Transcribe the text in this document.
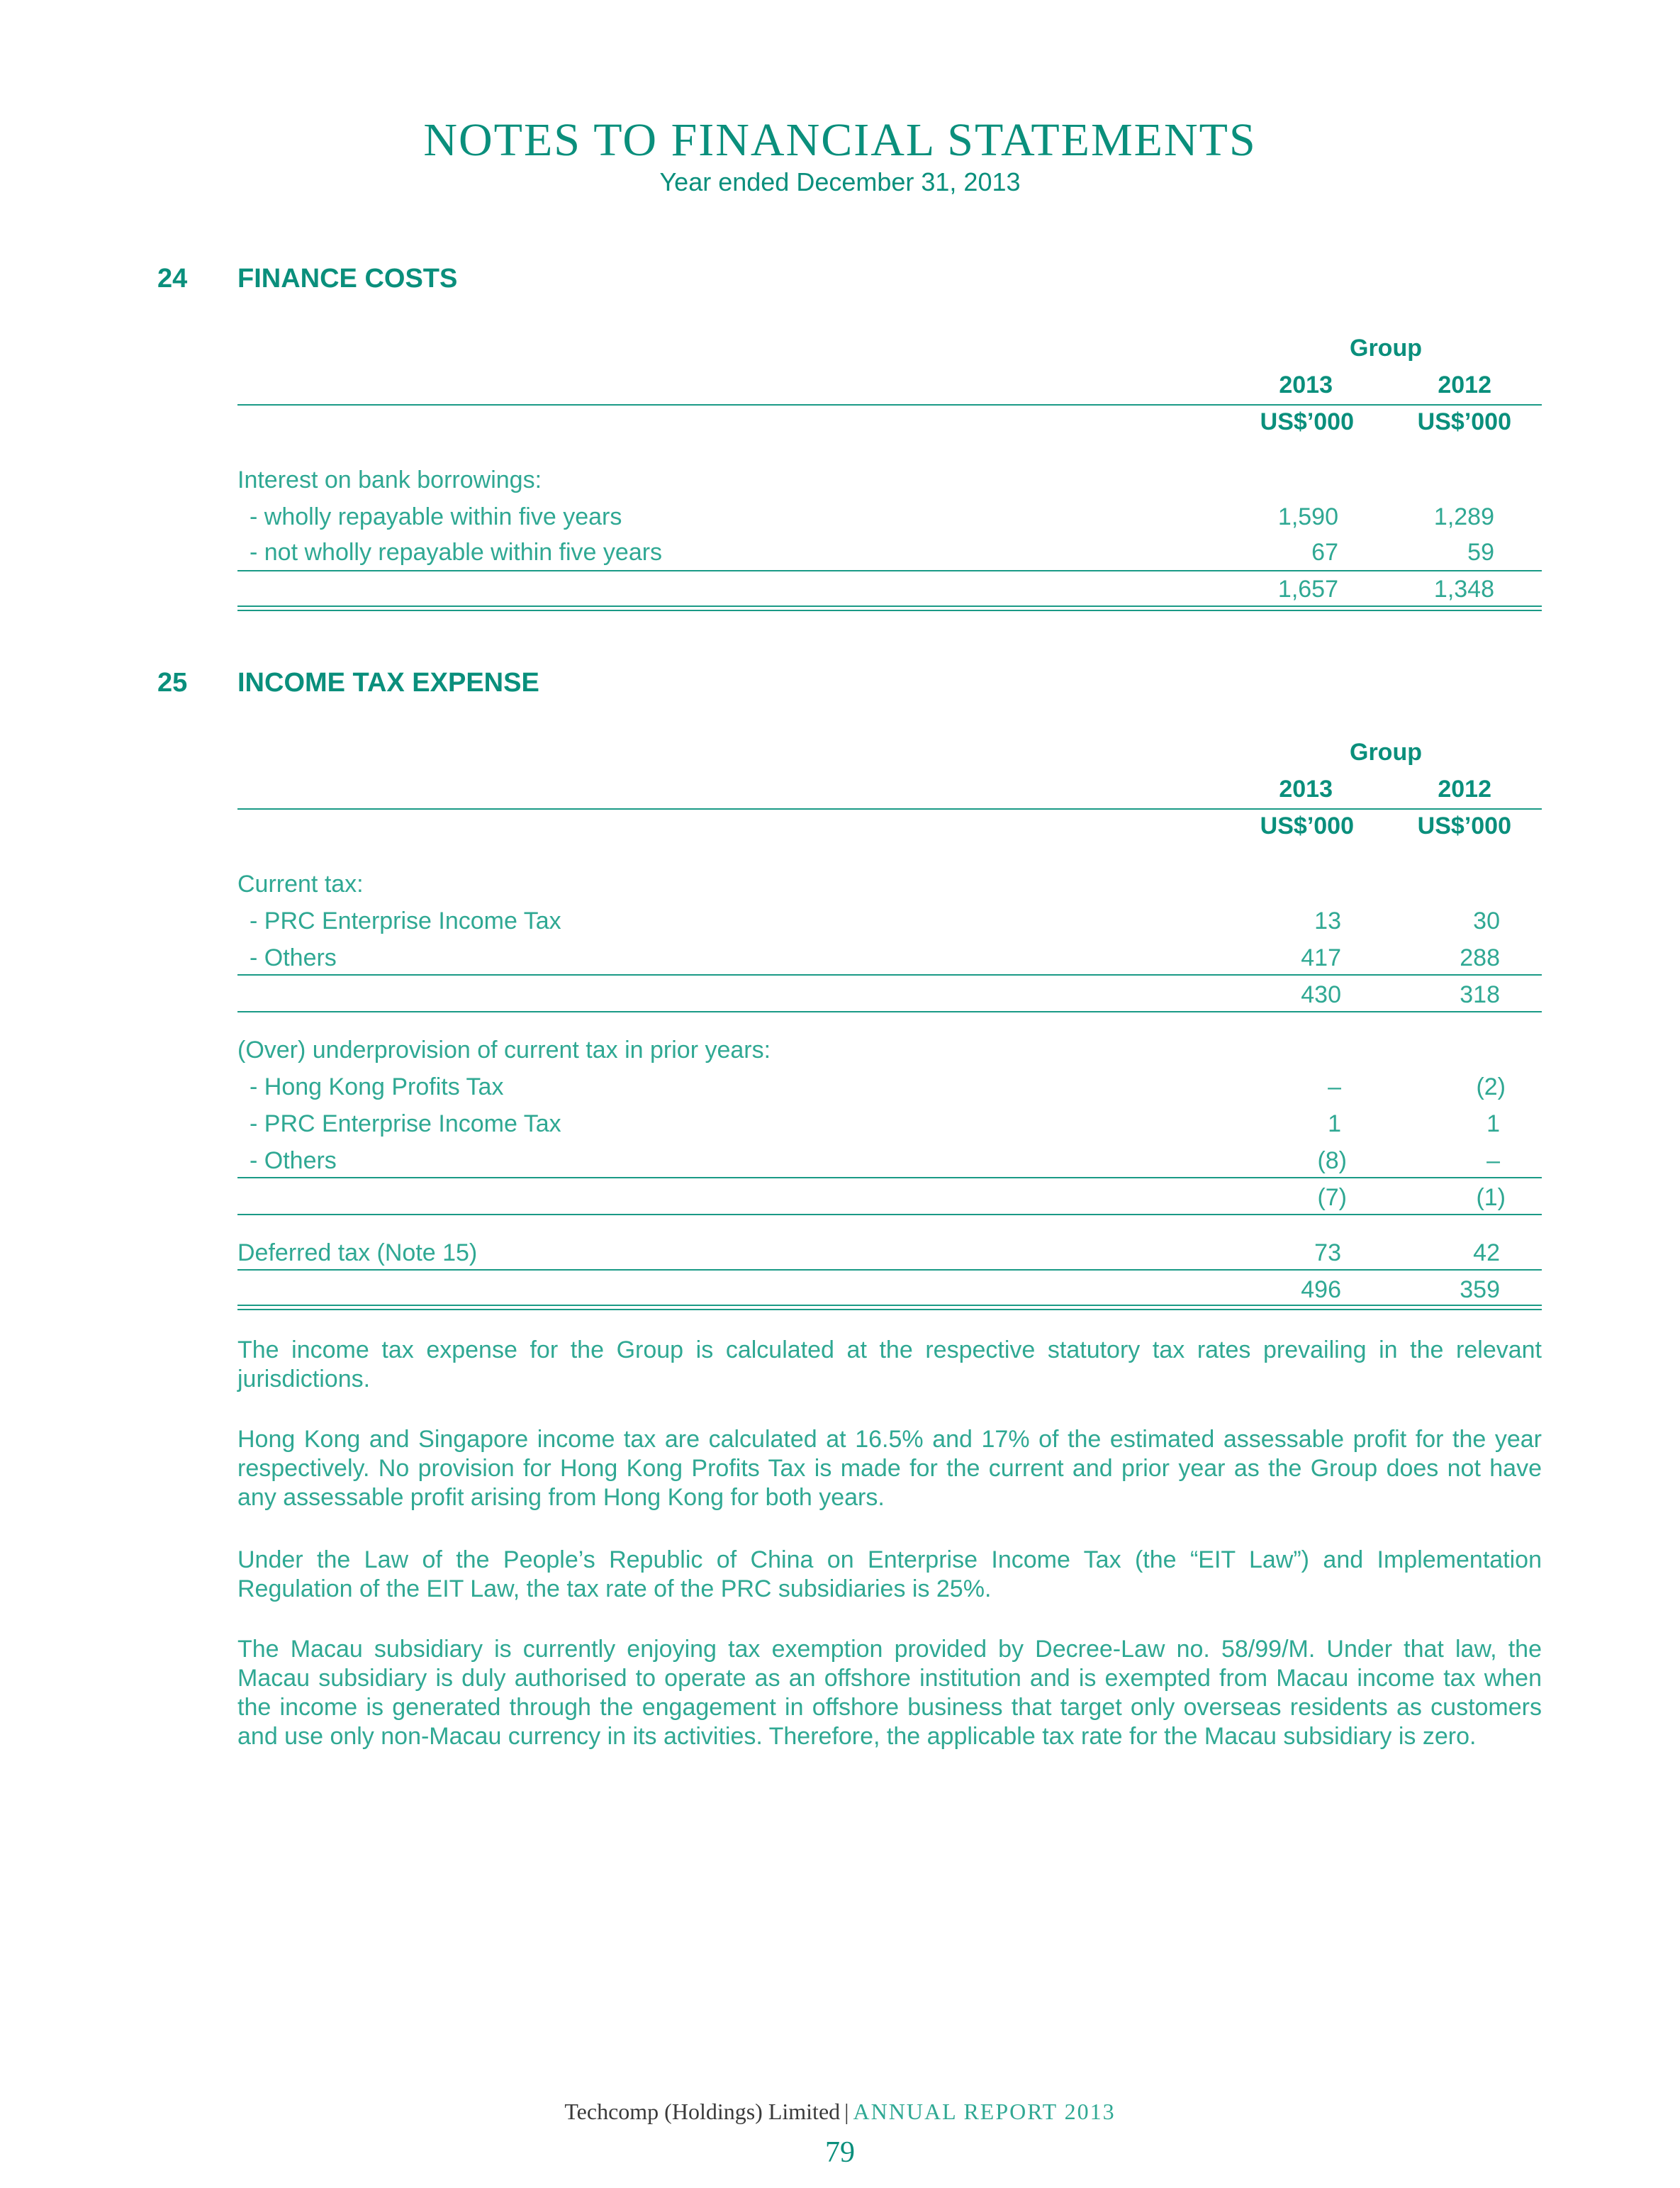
NOTES TO FINANCIAL STATEMENTS
Year ended December 31, 2013
24 FINANCE COSTS
Group
2013	2012
US$’000	US$’000
Interest on bank borrowings:
- wholly repayable within five years	1,590	1,289
- not wholly repayable within five years	67	59
1,657	1,348
25 INCOME TAX EXPENSE
Group
2013	2012
US$’000	US$’000
Current tax:
- PRC Enterprise Income Tax	13	30
- Others	417	288
430	318
(Over) underprovision of current tax in prior years:
- Hong Kong Profits Tax	–	(2)
- PRC Enterprise Income Tax	1	1
- Others	(8)	–
(7)	(1)
Deferred tax (Note 15)	73	42
496	359
The income tax expense for the Group is calculated at the respective statutory tax rates prevailing in the relevant jurisdictions.
Hong Kong and Singapore income tax are calculated at 16.5% and 17% of the estimated assessable profit for the year respectively. No provision for Hong Kong Profits Tax is made for the current and prior year as the Group does not have any assessable profit arising from Hong Kong for both years.
Under the Law of the People’s Republic of China on Enterprise Income Tax (the “EIT Law”) and Implementation Regulation of the EIT Law, the tax rate of the PRC subsidiaries is 25%.
The Macau subsidiary is currently enjoying tax exemption provided by Decree-Law no. 58/99/M. Under that law, the Macau subsidiary is duly authorised to operate as an offshore institution and is exempted from Macau income tax when the income is generated through the engagement in offshore business that target only overseas residents as customers and use only non-Macau currency in its activities. Therefore, the applicable tax rate for the Macau subsidiary is zero.
Techcomp (Holdings) Limited | ANNUAL REPORT 2013
79
